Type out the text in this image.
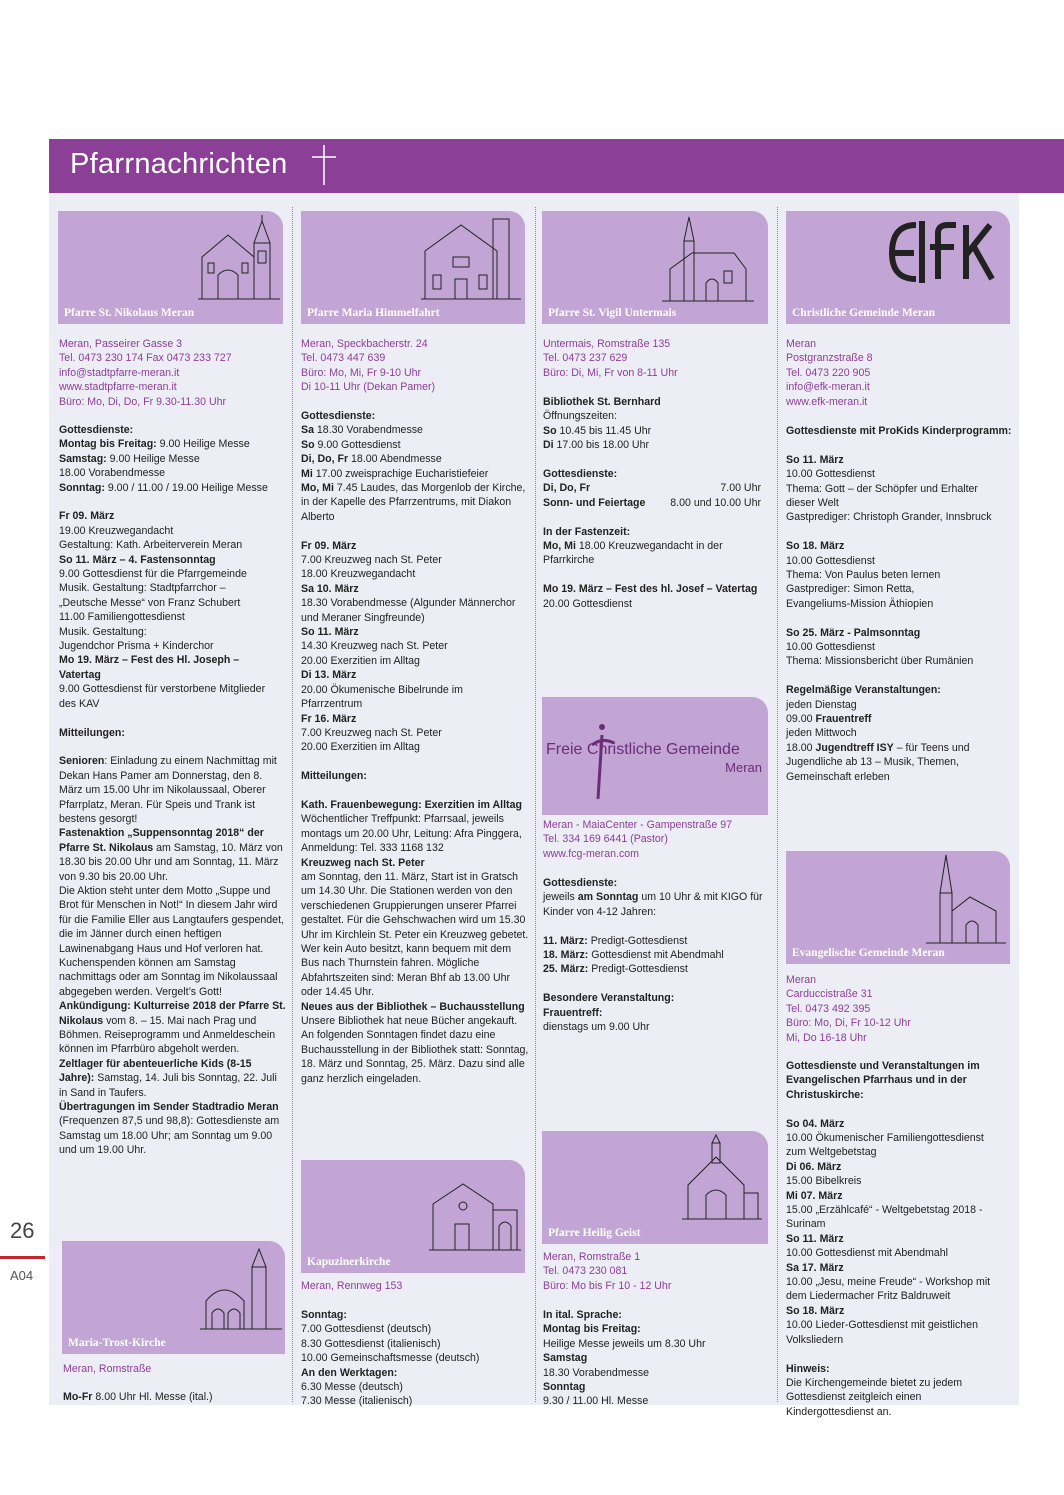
Pfarrnachrichten
26
A04
Pfarre St. Nikolaus Meran
Meran, Passeirer Gasse 3
Tel. 0473 230 174 Fax 0473 233 727
info@stadtpfarre-meran.it
www.stadtpfarre-meran.it
Büro: Mo, Di, Do, Fr 9.30-11.30 Uhr

Gottesdienste:
Montag bis Freitag: 9.00 Heilige Messe
Samstag: 9.00 Heilige Messe
18.00 Vorabendmesse
Sonntag: 9.00 / 11.00 / 19.00 Heilige Messe

Fr 09. März
19.00 Kreuzwegandacht
Gestaltung: Kath. Arbeiterverein Meran
So 11. März – 4. Fastensonntag
9.00 Gottesdienst für die Pfarrgemeinde
Musik. Gestaltung: Stadtpfarrchor –
„Deutsche Messe“ von Franz Schubert
11.00 Familiengottesdienst
Musik. Gestaltung:
Jugendchor Prisma + Kinderchor
Mo 19. März – Fest des Hl. Joseph –
Vatertag
9.00 Gottesdienst für verstorbene Mitglieder
des KAV

Mitteilungen:

Senioren: Einladung zu einem Nachmittag mit Dekan Hans Pamer am Donnerstag, den 8. März um 15.00 Uhr im Nikolaussaal, Oberer Pfarrplatz, Meran. Für Speis und Trank ist bestens gesorgt!
Fastenaktion „Suppensonntag 2018“ der Pfarre St. Nikolaus am Samstag, 10. März von 18.30 bis 20.00 Uhr und am Sonntag, 11. März von 9.30 bis 20.00 Uhr.
Die Aktion steht unter dem Motto „Suppe und Brot für Menschen in Not!“ In diesem Jahr wird für die Familie Eller aus Langtaufers gespendet, die im Jänner durch einen heftigen Lawinenabgang Haus und Hof verloren hat.
Kuchenspenden können am Samstag nachmittags oder am Sonntag im Nikolaussaal abgegeben werden. Vergelt’s Gott!
Ankündigung: Kulturreise 2018 der Pfarre St. Nikolaus vom 8. – 15. Mai nach Prag und Böhmen. Reiseprogramm und Anmeldeschein können im Pfarrbüro abgeholt werden.
Zeltlager für abenteuerliche Kids (8-15 Jahre): Samstag, 14. Juli bis Sonntag, 22. Juli in Sand in Taufers.
Übertragungen im Sender Stadtradio Meran (Frequenzen 87,5 und 98,8): Gottesdienste am Samstag um 18.00 Uhr; am Sonntag um 9.00 und um 19.00 Uhr.

Maria-Trost-Kirche
Meran, Romstraße
Mo-Fr 8.00 Uhr Hl. Messe (ital.)
Pfarre Maria Himmelfahrt
Meran, Speckbacherstr. 24
Tel. 0473 447 639
Büro: Mo, Mi, Fr 9-10 Uhr
Di 10-11 Uhr (Dekan Pamer)

Gottesdienste:
Sa 18.30 Vorabendmesse
So 9.00 Gottesdienst
Di, Do, Fr 18.00 Abendmesse
Mi 17.00 zweisprachige Eucharistiefeier
Mo, Mi 7.45 Laudes, das Morgenlob der Kirche, in der Kapelle des Pfarrzentrums, mit Diakon Alberto

Fr 09. März
7.00 Kreuzweg nach St. Peter
18.00 Kreuzwegandacht
Sa 10. März
18.30 Vorabendmesse (Algunder Männerchor
und Meraner Singfreunde)
So 11. März
14.30 Kreuzweg nach St. Peter
20.00 Exerzitien im Alltag
Di 13. März
20.00 Ökumenische Bibelrunde im
Pfarrzentrum
Fr 16. März
7.00 Kreuzweg nach St. Peter
20.00 Exerzitien im Alltag

Mitteilungen:

Kath. Frauenbewegung: Exerzitien im Alltag
Wöchentlicher Treffpunkt: Pfarrsaal, jeweils montags um 20.00 Uhr, Leitung: Afra Pinggera, Anmeldung: Tel. 333 1168 132

Kreuzweg nach St. Peter
am Sonntag, den 11. März, Start ist in Gratsch um 14.30 Uhr. Die Stationen werden von den verschiedenen Gruppierungen unserer Pfarrei gestaltet. Für die Gehschwachen wird um 15.30 Uhr im Kirchlein St. Peter ein Kreuzweg gebetet. Wer kein Auto besitzt, kann bequem mit dem Bus nach Thurnstein fahren. Mögliche Abfahrtszeiten sind: Meran Bhf ab 13.00 Uhr oder 14.45 Uhr.

Neues aus der Bibliothek – Buchausstellung
Unsere Bibliothek hat neue Bücher angekauft. An folgenden Sonntagen findet dazu eine Buchausstellung in der Bibliothek statt: Sonntag, 18. März und Sonntag, 25. März. Dazu sind alle ganz herzlich eingeladen.

Kapuzinerkirche
Meran, Rennweg 153
Sonntag:
7.00 Gottesdienst (deutsch)
8.30 Gottesdienst (italienisch)
10.00 Gemeinschaftsmesse (deutsch)
An den Werktagen:
6.30 Messe (deutsch)
7.30 Messe (italienisch)
Pfarre St. Vigil Untermais
Untermais, Romstraße 135
Tel. 0473 237 629
Büro: Di, Mi, Fr von 8-11 Uhr

Bibliothek St. Bernhard
Öffnungszeiten:
So 10.45 bis 11.45 Uhr
Di 17.00 bis 18.00 Uhr

Gottesdienste:
Di, Do, Fr	7.00 Uhr
Sonn- und Feiertage 8.00 und 10.00 Uhr

In der Fastenzeit:
Mo, Mi 18.00 Kreuzwegandacht in der Pfarrkirche

Mo 19. März – Fest des hl. Josef – Vatertag
20.00 Gottesdienst

Freie Christliche Gemeinde
Meran
Meran - MaiaCenter - Gampenstraße 97
Tel. 334 169 6441 (Pastor)
www.fcg-meran.com

Gottesdienste:
jeweils am Sonntag um 10 Uhr & mit KIGO für Kinder von 4-12 Jahren:

11. März: Predigt-Gottesdienst
18. März: Gottesdienst mit Abendmahl
25. März: Predigt-Gottesdienst

Besondere Veranstaltung:
Frauentreff:
dienstags um 9.00 Uhr

Pfarre Heilig Geist
Meran, Romstraße 1
Tel. 0473 230 081
Büro: Mo bis Fr 10 - 12 Uhr
In ital. Sprache:
Montag bis Freitag:
Heilige Messe jeweils um 8.30 Uhr
Samstag
18.30 Vorabendmesse
Sonntag
9.30 / 11.00 Hl. Messe
Christliche Gemeinde Meran
Meran
Postgranzstraße 8
Tel. 0473 220 905
info@efk-meran.it
www.efk-meran.it

Gottesdienste mit ProKids Kinderprogramm:

So 11. März
10.00 Gottesdienst
Thema: Gott – der Schöpfer und Erhalter
dieser Welt
Gastprediger: Christoph Grander, Innsbruck

So 18. März
10.00 Gottesdienst
Thema: Von Paulus beten lernen
Gastprediger: Simon Retta,
Evangeliums-Mission Äthiopien

So 25. März - Palmsonntag
10.00 Gottesdienst
Thema: Missionsbericht über Rumänien

Regelmäßige Veranstaltungen:
jeden Dienstag
09.00 Frauentreff
jeden Mittwoch
18.00 Jugendtreff ISY – für Teens und Jugendliche ab 13 – Musik, Themen, Gemeinschaft erleben

Evangelische Gemeinde Meran
Meran
Carduccistraße 31
Tel. 0473 492 395
Büro: Mo, Di, Fr 10-12 Uhr
Mi, Do 16-18 Uhr

Gottesdienste und Veranstaltungen im Evangelischen Pfarrhaus und in der Christuskirche:

So 04. März
10.00 Ökumenischer Familiengottesdienst
zum Weltgebetstag
Di 06. März
15.00 Bibelkreis
Mi 07. März
15.00 „Erzählcafé“ - Weltgebetstag 2018 -
Surinam
So 11. März
10.00 Gottesdienst mit Abendmahl
Sa 17. März
10.00 „Jesu, meine Freude“ - Workshop mit
dem Liedermacher Fritz Baldruweit
So 18. März
10.00 Lieder-Gottesdienst mit geistlichen
Volksliedern

Hinweis:
Die Kirchengemeinde bietet zu jedem Gottesdienst zeitgleich einen Kindergottesdienst an.
